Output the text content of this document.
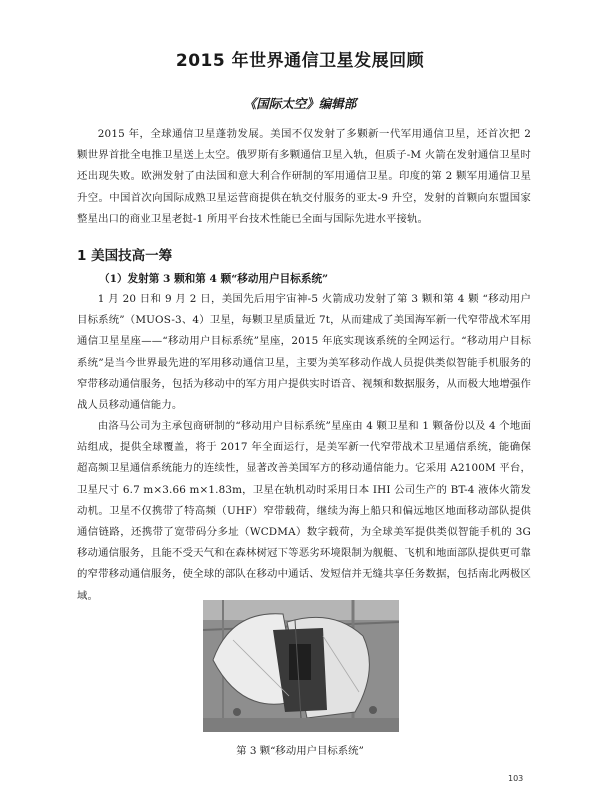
2015 年世界通信卫星发展回顾

《国际太空》编辑部

2015 年，全球通信卫星蓬勃发展。美国不仅发射了多颗新一代军用通信卫星，还首次把 2 颗世界首批全电推卫星送上太空。俄罗斯有多颗通信卫星入轨，但质子-M 火箭在发射通信卫星时还出现失败。欧洲发射了由法国和意大利合作研制的军用通信卫星。印度的第 2 颗军用通信卫星升空。中国首次向国际成熟卫星运营商提供在轨交付服务的亚太-9 升空，发射的首颗向东盟国家整星出口的商业卫星老挝-1 所用平台技术性能已全面与国际先进水平接轨。

1 美国技高一筹
（1）发射第 3 颗和第 4 颗“移动用户目标系统”

1 月 20 日和 9 月 2 日，美国先后用宇宙神-5 火箭成功发射了第 3 颗和第 4 颗 “移动用户目标系统”（MUOS-3、4）卫星，每颗卫星质量近 7t，从而建成了美国海军新一代窄带战术军用通信卫星星座——“移动用户目标系统”星座，2015 年底实现该系统的全网运行。“移动用户目标系统”是当今世界最先进的军用移动通信卫星，主要为美军移动作战人员提供类似智能手机服务的窄带移动通信服务，包括为移动中的军方用户提供实时语音、视频和数据服务，从而极大地增强作战人员移动通信能力。

由洛马公司为主承包商研制的“移动用户目标系统”星座由 4 颗卫星和 1 颗备份以及 4 个地面站组成，提供全球覆盖，将于 2017 年全面运行，是美军新一代窄带战术卫星通信系统，能确保超高频卫星通信系统能力的连续性，显著改善美国军方的移动通信能力。它采用 A2100M 平台，卫星尺寸 6.7 m×3.66 m×1.83m，卫星在轨机动时采用日本 IHI 公司生产的 BT-4 液体火箭发动机。卫星不仅携带了特高频（UHF）窄带载荷，继续为海上船只和偏远地区地面移动部队提供通信链路，还携带了宽带码分多址（WCDMA）数字载荷，为全球美军提供类似智能手机的 3G 移动通信服务，且能不受天气和在森林树冠下等恶劣环境限制为舰艇、飞机和地面部队提供更可靠的窄带移动通信服务，使全球的部队在移动中通话、发短信并无缝共享任务数据，包括南北两极区域。

第 3 颗“移动用户目标系统”

103
